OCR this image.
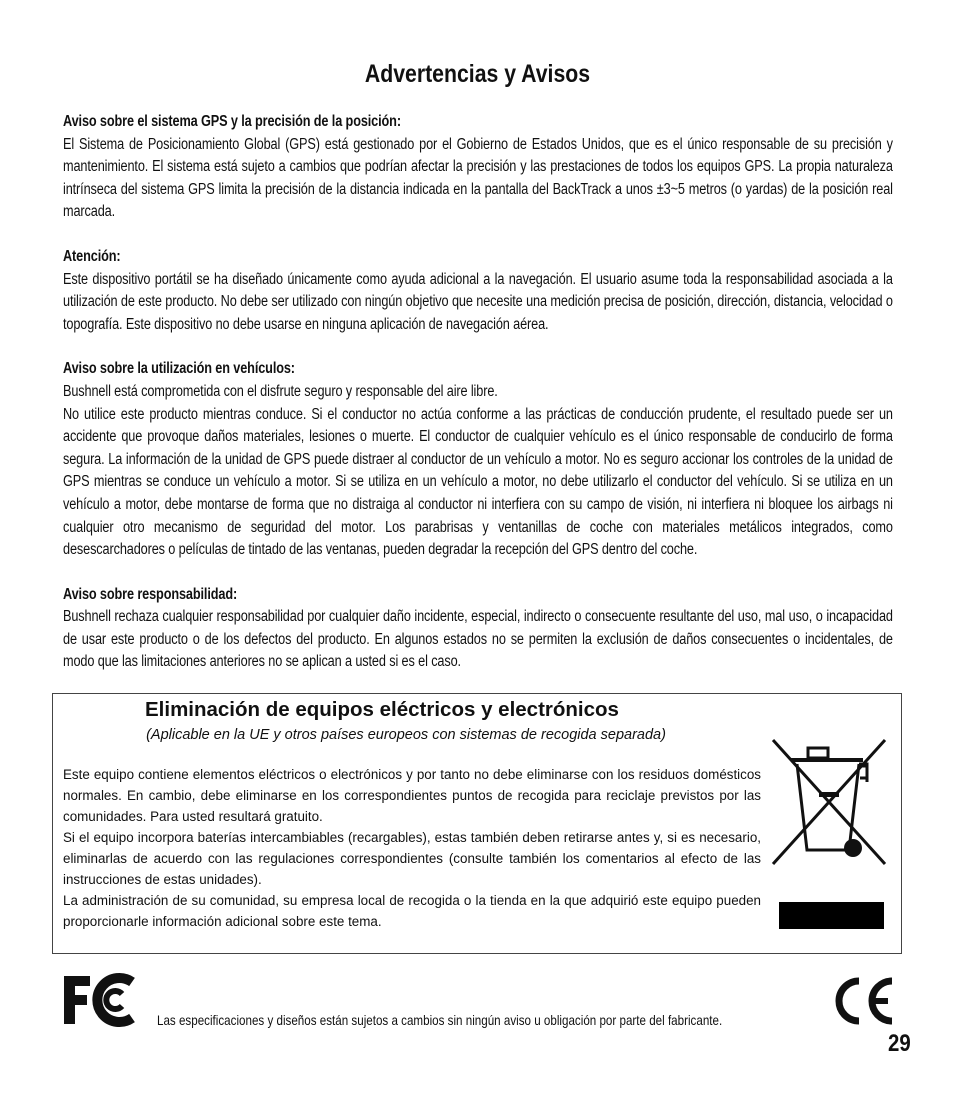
Advertencias y Avisos
Aviso sobre el sistema GPS y la precisión de la posición:

El Sistema de Posicionamiento Global (GPS) está gestionado por el Gobierno de Estados Unidos, que es el único responsable de su precisión y mantenimiento. El sistema está sujeto a cambios que podrían afectar la precisión y las prestaciones de todos los equipos GPS. La propia naturaleza intrínseca del sistema GPS limita la precisión de la distancia indicada en la pantalla del BackTrack a unos ±3~5 metros (o yardas) de la posición real marcada.

Atención:

Este dispositivo portátil se ha diseñado únicamente como ayuda adicional a la navegación. El usuario asume toda la responsabilidad asociada a la utilización de este producto. No debe ser utilizado con ningún objetivo que necesite una medición precisa de posición, dirección, distancia, velocidad o topografía. Este dispositivo no debe usarse en ninguna aplicación de navegación aérea.

Aviso sobre la utilización en vehículos:

Bushnell está comprometida con el disfrute seguro y responsable del aire libre.

No utilice este producto mientras conduce. Si el conductor no actúa conforme a las prácticas de conducción prudente, el resultado puede ser un accidente que provoque daños materiales, lesiones o muerte. El conductor de cualquier vehículo es el único responsable de conducirlo de forma segura. La información de la unidad de GPS puede distraer al conductor de un vehículo a motor. No es seguro accionar los controles de la unidad de GPS mientras se conduce un vehículo a motor. Si se utiliza en un vehículo a motor, no debe utilizarlo el conductor del vehículo. Si se utiliza en un vehículo a motor, debe montarse de forma que no distraiga al conductor ni interfiera con su campo de visión, ni interfiera ni bloquee los airbags ni cualquier otro mecanismo de seguridad del motor. Los parabrisas y ventanillas de coche con materiales metálicos integrados, como desescarchadores o películas de tintado de las ventanas, pueden degradar la recepción del GPS dentro del coche.

Aviso sobre responsabilidad:

Bushnell rechaza cualquier responsabilidad por cualquier daño incidente, especial, indirecto o consecuente resultante del uso, mal uso, o incapacidad de usar este producto o de los defectos del producto. En algunos estados no se permiten la exclusión de daños consecuentes o incidentales, de modo que las limitaciones anteriores no se aplican a usted si es el caso.

Eliminación de equipos eléctricos y electrónicos
(Aplicable en la UE y otros países europeos con sistemas de recogida separada)

Este equipo contiene elementos eléctricos o electrónicos y por tanto no debe eliminarse con los residuos domésticos normales. En cambio, debe eliminarse en los correspondientes puntos de recogida para reciclaje previstos por las comunidades. Para usted resultará gratuito.

Si el equipo incorpora baterías intercambiables (recargables), estas también deben retirarse antes y, si es necesario, eliminarlas de acuerdo con las regulaciones correspondientes (consulte también los comentarios al efecto de las instrucciones de estas unidades).

La administración de su comunidad, su empresa local de recogida o la tienda en la que adquirió este equipo pueden proporcionarle información adicional sobre este tema.

Las especificaciones y diseños están sujetos a cambios sin ningún aviso u obligación por parte del fabricante.
29
